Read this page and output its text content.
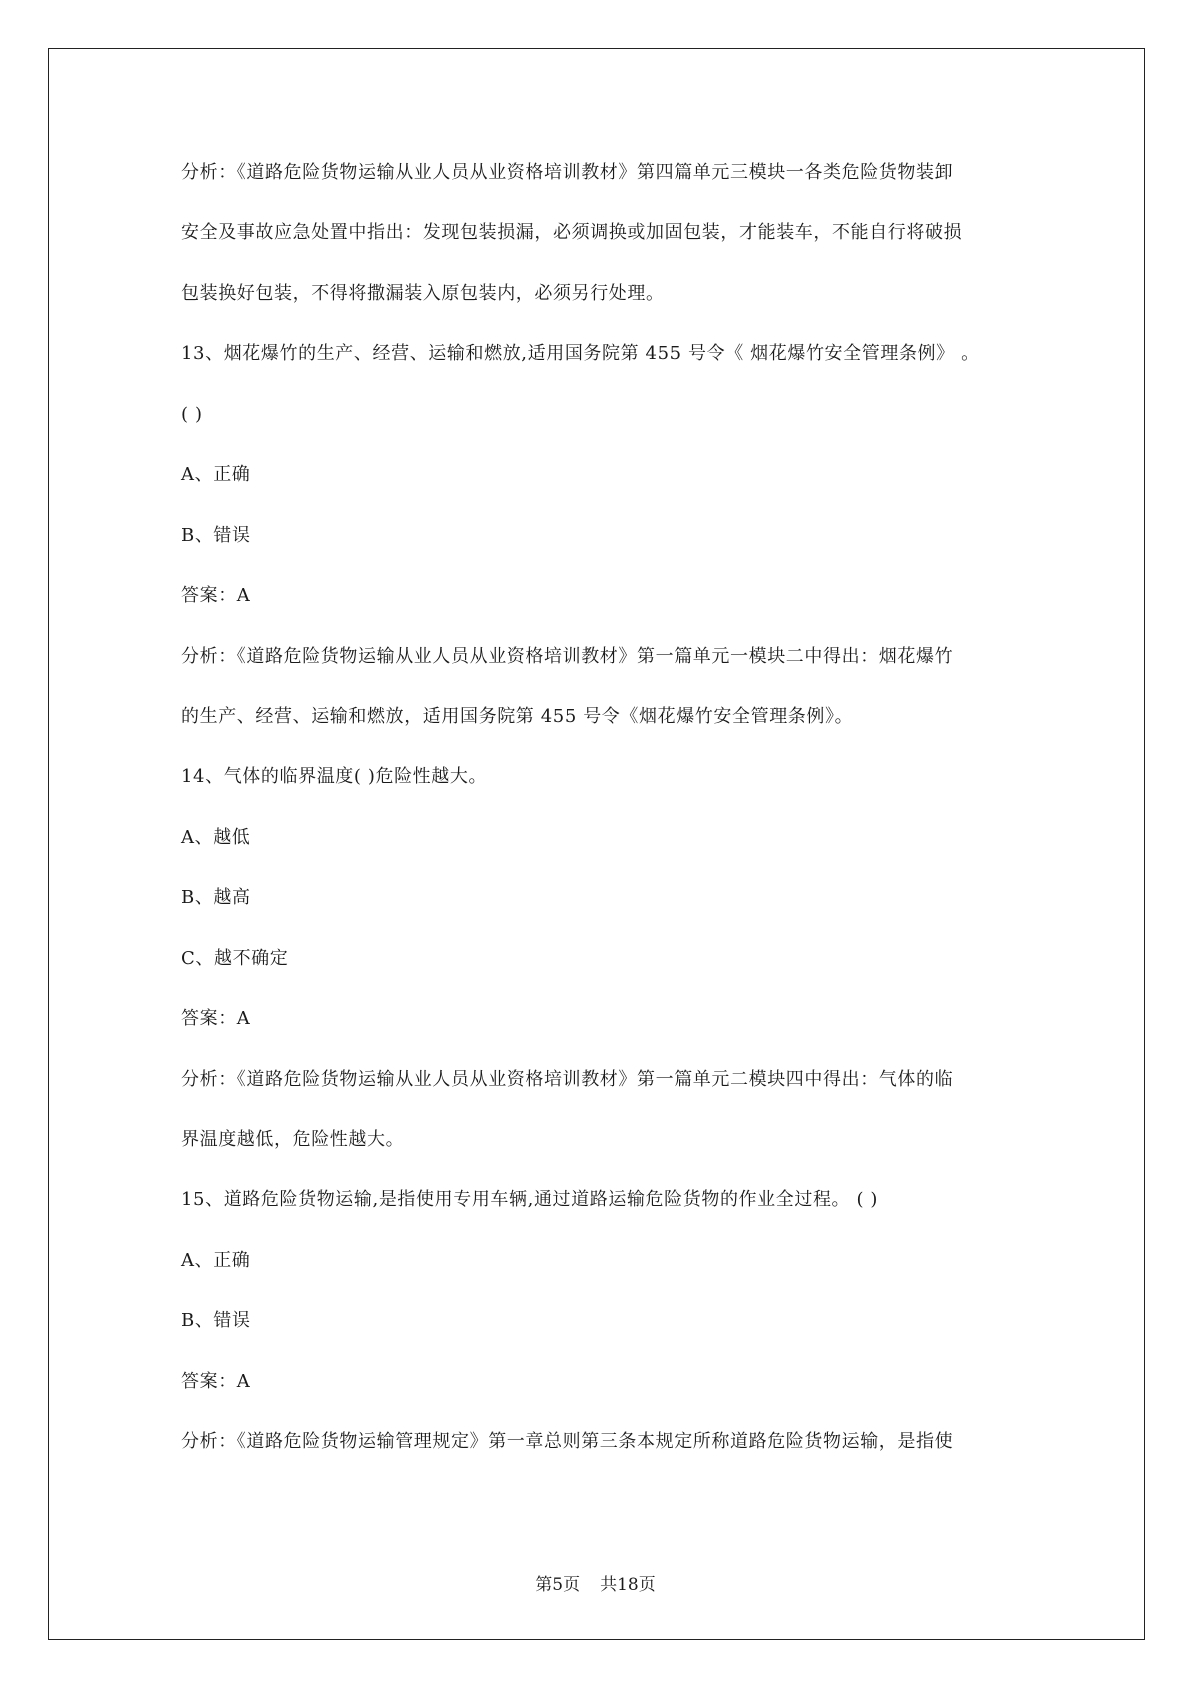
分析：《道路危险货物运输从业人员从业资格培训教材》第四篇单元三模块一各类危险货物装卸
安全及事故应急处置中指出：发现包装损漏，必须调换或加固包装，才能装车，不能自行将破损
包装换好包装，不得将撒漏装入原包装内，必须另行处理。
13、烟花爆竹的生产、经营、运输和燃放,适用国务院第 455 号令《 烟花爆竹安全管理条例》 。
( )
A、正确
B、错误
答案：A
分析：《道路危险货物运输从业人员从业资格培训教材》第一篇单元一模块二中得出：烟花爆竹
的生产、经营、运输和燃放，适用国务院第 455 号令《烟花爆竹安全管理条例》。
14、气体的临界温度( )危险性越大。
A、越低
B、越高
C、越不确定
答案：A
分析：《道路危险货物运输从业人员从业资格培训教材》第一篇单元二模块四中得出：气体的临
界温度越低，危险性越大。
15、道路危险货物运输,是指使用专用车辆,通过道路运输危险货物的作业全过程。 ( )
A、正确
B、错误
答案：A
分析：《道路危险货物运输管理规定》第一章总则第三条本规定所称道路危险货物运输，是指使
第5页 共18页
